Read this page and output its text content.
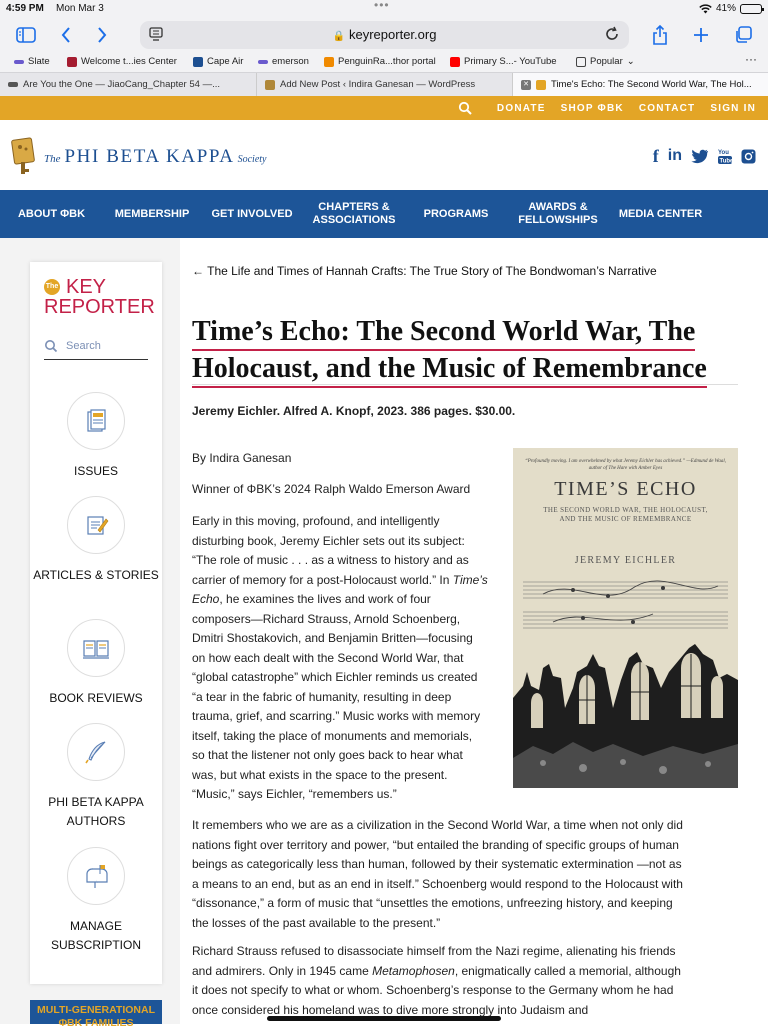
4:59 PM Mon Mar 3	•••	41%
🔒 keyreporter.org
Slate	Welcome t...ies Center	Cape Air	emerson	PenguinRa...thor portal	Primary S...- YouTube	Popular ⌄	···
Are You the One — JiaoCang_Chapter 54 —...	Add New Post ‹ Indira Ganesan — WordPress	✕ Time's Echo: The Second World War, The Hol...
DONATE SHOP ΦBK CONTACT SIGN IN
The PHI BETA KAPPA Society	f in	You
Tube
ABOUT ΦBK	MEMBERSHIP	GET INVOLVED
CHAPTERS & ASSOCIATIONS
PROGRAMS
AWARDS & FELLOWSHIPS
MEDIA CENTER
The KEY
REPORTER
Search
ISSUES
ARTICLES & STORIES
BOOK REVIEWS
PHI BETA KAPPA AUTHORS
MANAGE SUBSCRIPTION
MULTI-GENERATIONAL ΦBK FAMILIES
← The Life and Times of Hannah Crafts: The True Story of The Bondwoman’s Narrative
Time’s Echo: The Second World War, The
Holocaust, and the Music of Remembrance
Jeremy Eichler. Alfred A. Knopf, 2023. 386 pages. $30.00.

By Indira Ganesan

Winner of ΦBK’s 2024 Ralph Waldo Emerson Award

Early in this moving, profound, and intelligently disturbing book, Jeremy Eichler sets out its subject: “The role of music . . . as a witness to history and as carrier of memory for a post-Holocaust world.” In Time’s Echo, he examines the lives and work of four composers—Richard Strauss, Arnold Schoenberg, Dmitri Shostakovich, and Benjamin Britten—focusing on how each dealt with the Second World War, that “global catastrophe” which Eichler reminds us created “a tear in the fabric of humanity, resulting in deep trauma, grief, and scarring.” Music works with memory itself, taking the place of monuments and memorials, so that the listener not only goes back to hear what was, but what exists in the space to the present. “Music,” says Eichler, “remembers us.”

It remembers who we are as a civilization in the Second World War, a time when not only did nations fight over territory and power, “but entailed the branding of specific groups of human beings as categorically less than human, followed by their systematic extermination —not as a means to an end, but as an end in itself.” Schoenberg would respond to the Holocaust with “dissonance,” a form of music that “unsettles the emotions, unfreezing history, and keeping the losses of the past available to the present.”

Richard Strauss refused to disassociate himself from the Nazi regime, alienating his friends and admirers. Only in 1945 came Metamophosen, enigmatically called a memorial, although it does not specify to what or whom. Schoenberg’s response to the Germany whom he had once considered his homeland was to dive more strongly into Judaism and

“Profoundly moving. I am overwhelmed by what Jeremy Eichler has achieved.” —Edmund de Waal, author of The Hare with Amber Eyes
TIME’S ECHO
THE SECOND WORLD WAR, THE HOLOCAUST,
AND THE MUSIC OF REMEMBRANCE
JEREMY EICHLER
